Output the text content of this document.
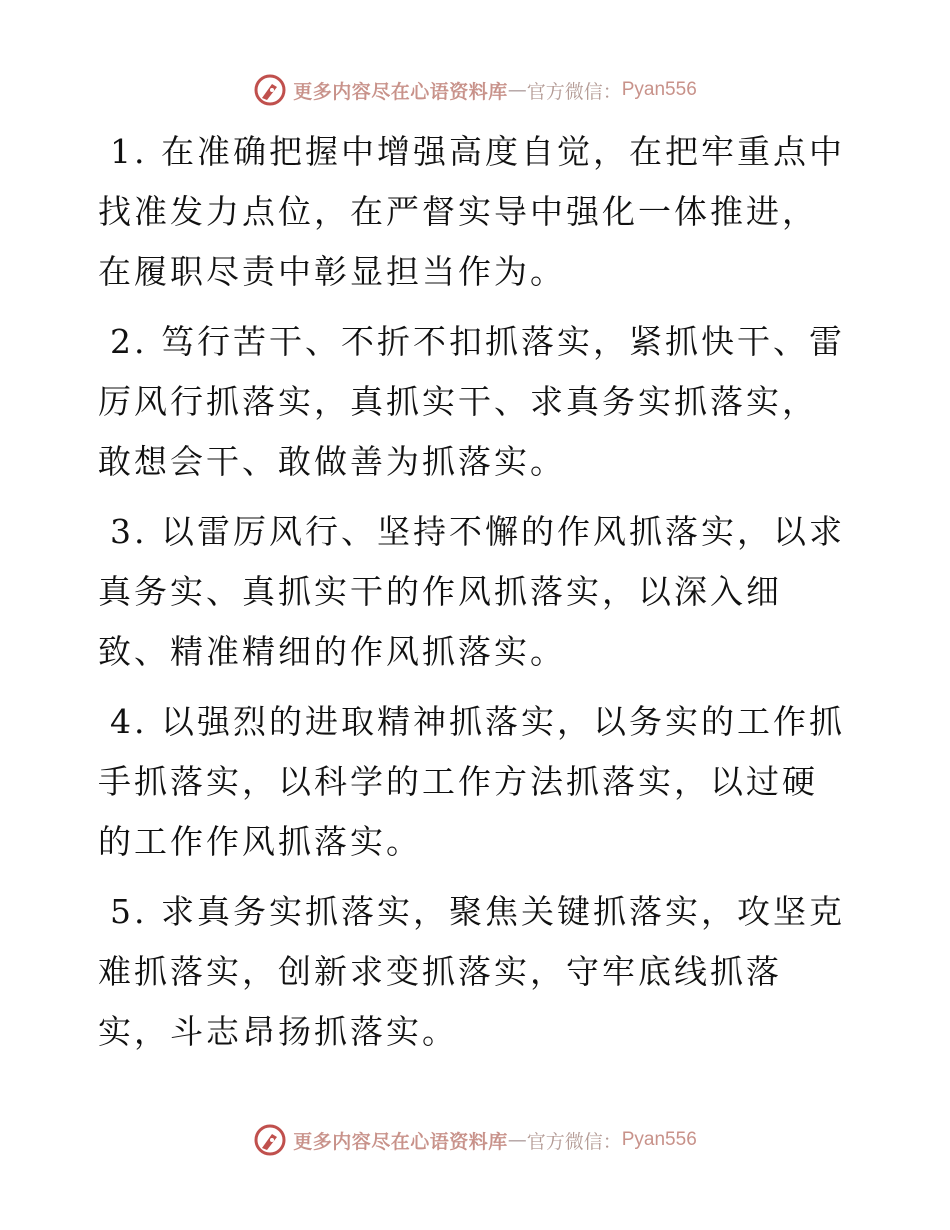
更多内容尽在心语资料库 — 官方微信： Pyan556

1. 在准确把握中增强高度自觉，在把牢重点中找准发力点位，在严督实导中强化一体推进，在履职尽责中彰显担当作为。

2. 笃行苦干、不折不扣抓落实，紧抓快干、雷厉风行抓落实，真抓实干、求真务实抓落实，敢想会干、敢做善为抓落实。

3. 以雷厉风行、坚持不懈的作风抓落实，以求真务实、真抓实干的作风抓落实，以深入细致、精准精细的作风抓落实。

4. 以强烈的进取精神抓落实，以务实的工作抓手抓落实，以科学的工作方法抓落实，以过硬的工作作风抓落实。

5. 求真务实抓落实，聚焦关键抓落实，攻坚克难抓落实，创新求变抓落实，守牢底线抓落实，斗志昂扬抓落实。

更多内容尽在心语资料库 — 官方微信： Pyan556
